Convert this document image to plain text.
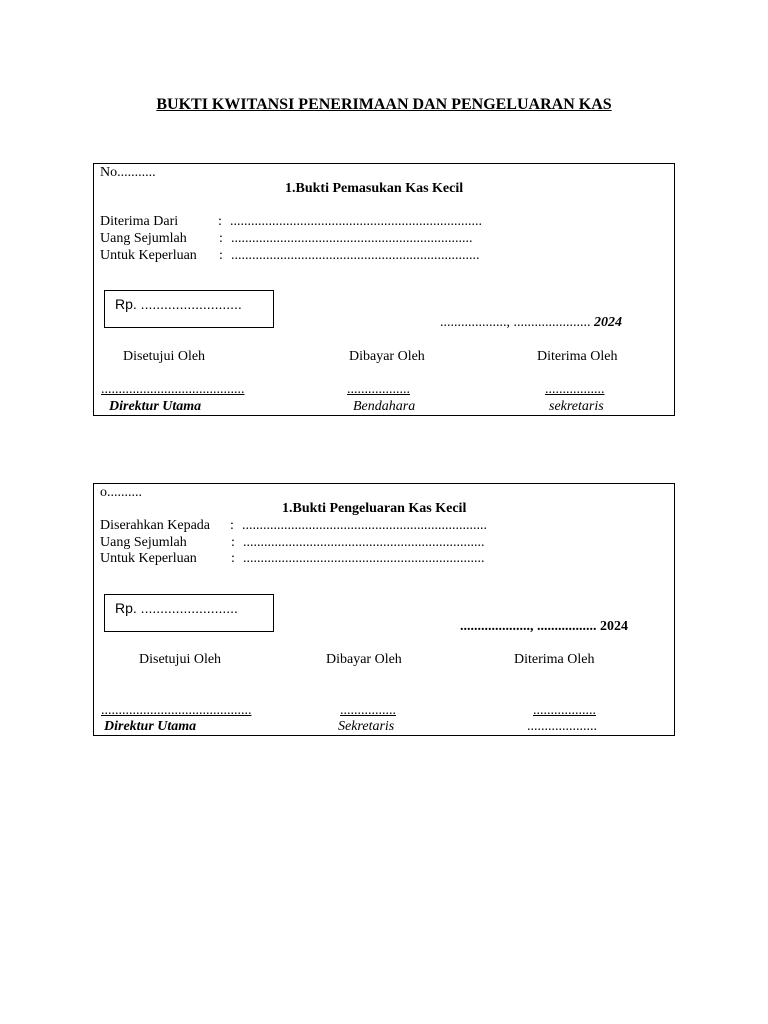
BUKTI KWITANSI PENERIMAAN DAN PENGELUARAN KAS
No...........
1.Bukti Pemasukan Kas Kecil
Diterima Dari	: ........................................................................
Uang Sejumlah : .....................................................................
Untuk Keperluan : .......................................................................
Rp. ..........................
..................., ...................... 2024
Disetujui Oleh	Dibayar Oleh	Diterima Oleh
.........................................	..................	.................
Direktur Utama	Bendahara	sekretaris
o..........
1.Bukti Pengeluaran Kas Kecil
Diserahkan Kepada : ......................................................................
Uang Sejumlah	: .....................................................................
Untuk Keperluan : .....................................................................
Rp. .........................
...................., ................. 2024
Disetujui Oleh	Dibayar Oleh	Diterima Oleh
...........................................	................	..................
Direktur Utama	Sekretaris	....................
